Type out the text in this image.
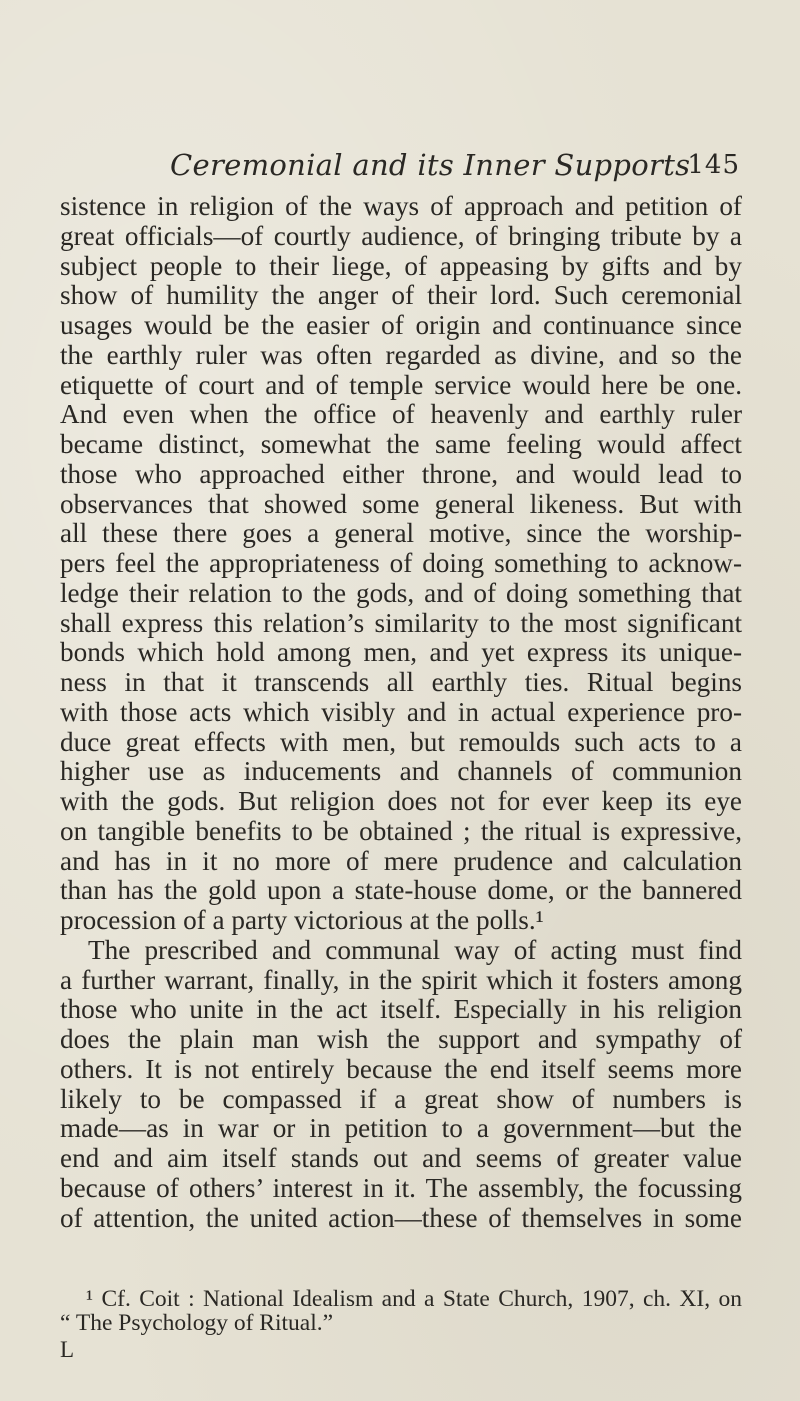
Ceremonial and its Inner Supports
145
sistence in religion of the ways of approach and petition of
great officials—of courtly audience, of bringing tribute by a
subject people to their liege, of appeasing by gifts and by
show of humility the anger of their lord. Such ceremonial
usages would be the easier of origin and continuance since
the earthly ruler was often regarded as divine, and so the
etiquette of court and of temple service would here be one.
And even when the office of heavenly and earthly ruler
became distinct, somewhat the same feeling would affect
those who approached either throne, and would lead to
observances that showed some general likeness. But with
all these there goes a general motive, since the worship-
pers feel the appropriateness of doing something to acknow-
ledge their relation to the gods, and of doing something that
shall express this relation’s similarity to the most significant
bonds which hold among men, and yet express its unique-
ness in that it transcends all earthly ties. Ritual begins
with those acts which visibly and in actual experience pro-
duce great effects with men, but remoulds such acts to a
higher use as inducements and channels of communion
with the gods. But religion does not for ever keep its eye
on tangible benefits to be obtained ; the ritual is expressive,
and has in it no more of mere prudence and calculation
than has the gold upon a state-house dome, or the bannered
procession of a party victorious at the polls.¹
The prescribed and communal way of acting must find
a further warrant, finally, in the spirit which it fosters among
those who unite in the act itself. Especially in his religion
does the plain man wish the support and sympathy of
others. It is not entirely because the end itself seems more
likely to be compassed if a great show of numbers is
made—as in war or in petition to a government—but the
end and aim itself stands out and seems of greater value
because of others’ interest in it. The assembly, the focussing
of attention, the united action—these of themselves in some
¹ Cf. Coit : National Idealism and a State Church, 1907, ch. XI, on
“ The Psychology of Ritual.”
L
